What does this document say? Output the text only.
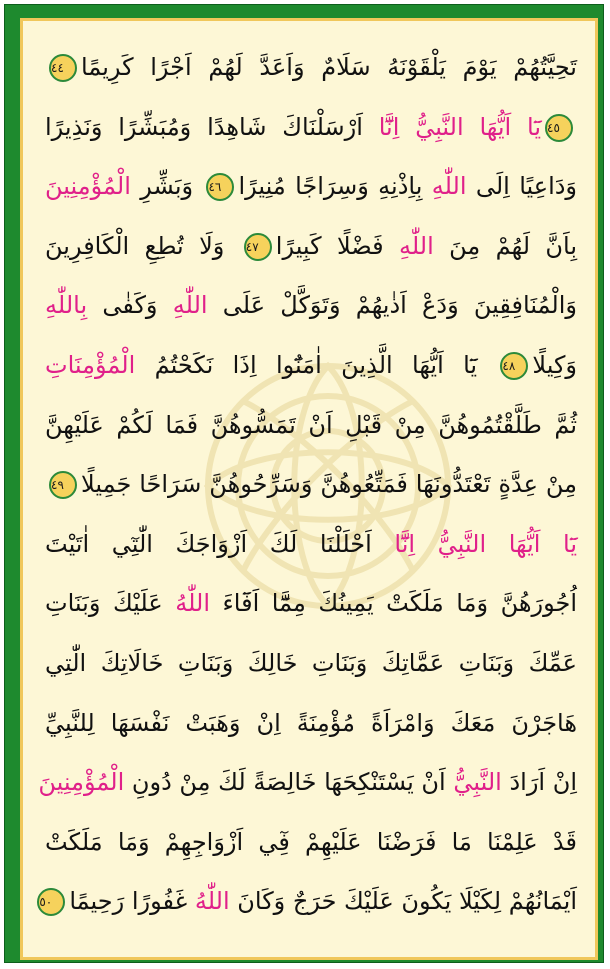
تَحِيَّتُهُمْ يَوْمَ يَلْقَوْنَهُ سَلَامٌ وَاَعَدَّ لَهُمْ اَجْرًا كَرِيمًا٤٤
٤٥يَٓا اَيُّهَا النَّبِيُّ اِنَّٓا اَرْسَلْنَاكَ شَاهِدًا وَمُبَشِّرًا وَنَذِيرًا
وَدَاعِيًا اِلَى اللّٰهِ بِاِذْنِهِ وَسِرَاجًا مُنِيرًا٤٦ وَبَشِّرِ الْمُؤْمِنِينَ
بِاَنَّ لَهُمْ مِنَ اللّٰهِ فَضْلًا كَبِيرًا٤٧ وَلَا تُطِعِ الْكَافِرِينَ
وَالْمُنَافِقِينَ وَدَعْ اَذٰيهُمْ وَتَوَكَّلْ عَلَى اللّٰهِ وَكَفٰى بِاللّٰهِ
وَكِيلًا٤٨ يَٓا اَيُّهَا الَّذِينَ اٰمَنُٓوا اِذَا نَكَحْتُمُ الْمُؤْمِنَاتِ
ثُمَّ طَلَّقْتُمُوهُنَّ مِنْ قَبْلِ اَنْ تَمَسُّوهُنَّ فَمَا لَكُمْ عَلَيْهِنَّ
مِنْ عِدَّةٍ تَعْتَدُّونَهَا فَمَتِّعُوهُنَّ وَسَرِّحُوهُنَّ سَرَاحًا جَمِيلًا٤٩
يَٓا اَيُّهَا النَّبِيُّ اِنَّٓا اَحْلَلْنَا لَكَ اَزْوَاجَكَ الّٰتِٓي اٰتَيْتَ
اُجُورَهُنَّ وَمَا مَلَكَتْ يَمِينُكَ مِمَّٓا اَفَٓاءَ اللّٰهُ عَلَيْكَ وَبَنَاتِ
عَمِّكَ وَبَنَاتِ عَمَّاتِكَ وَبَنَاتِ خَالِكَ وَبَنَاتِ خَالَاتِكَ الّٰتِي
هَاجَرْنَ مَعَكَ وَامْرَاَةً مُؤْمِنَةً اِنْ وَهَبَتْ نَفْسَهَا لِلنَّبِيِّ
اِنْ اَرَادَ النَّبِيُّ اَنْ يَسْتَنْكِحَهَا خَالِصَةً لَكَ مِنْ دُونِ الْمُؤْمِنِينَ
قَدْ عَلِمْنَا مَا فَرَضْنَا عَلَيْهِمْ فِٓي اَزْوَاجِهِمْ وَمَا مَلَكَتْ
اَيْمَانُهُمْ لِكَيْلَا يَكُونَ عَلَيْكَ حَرَجٌ وَكَانَ اللّٰهُ غَفُورًا رَحِيمًا٥٠
